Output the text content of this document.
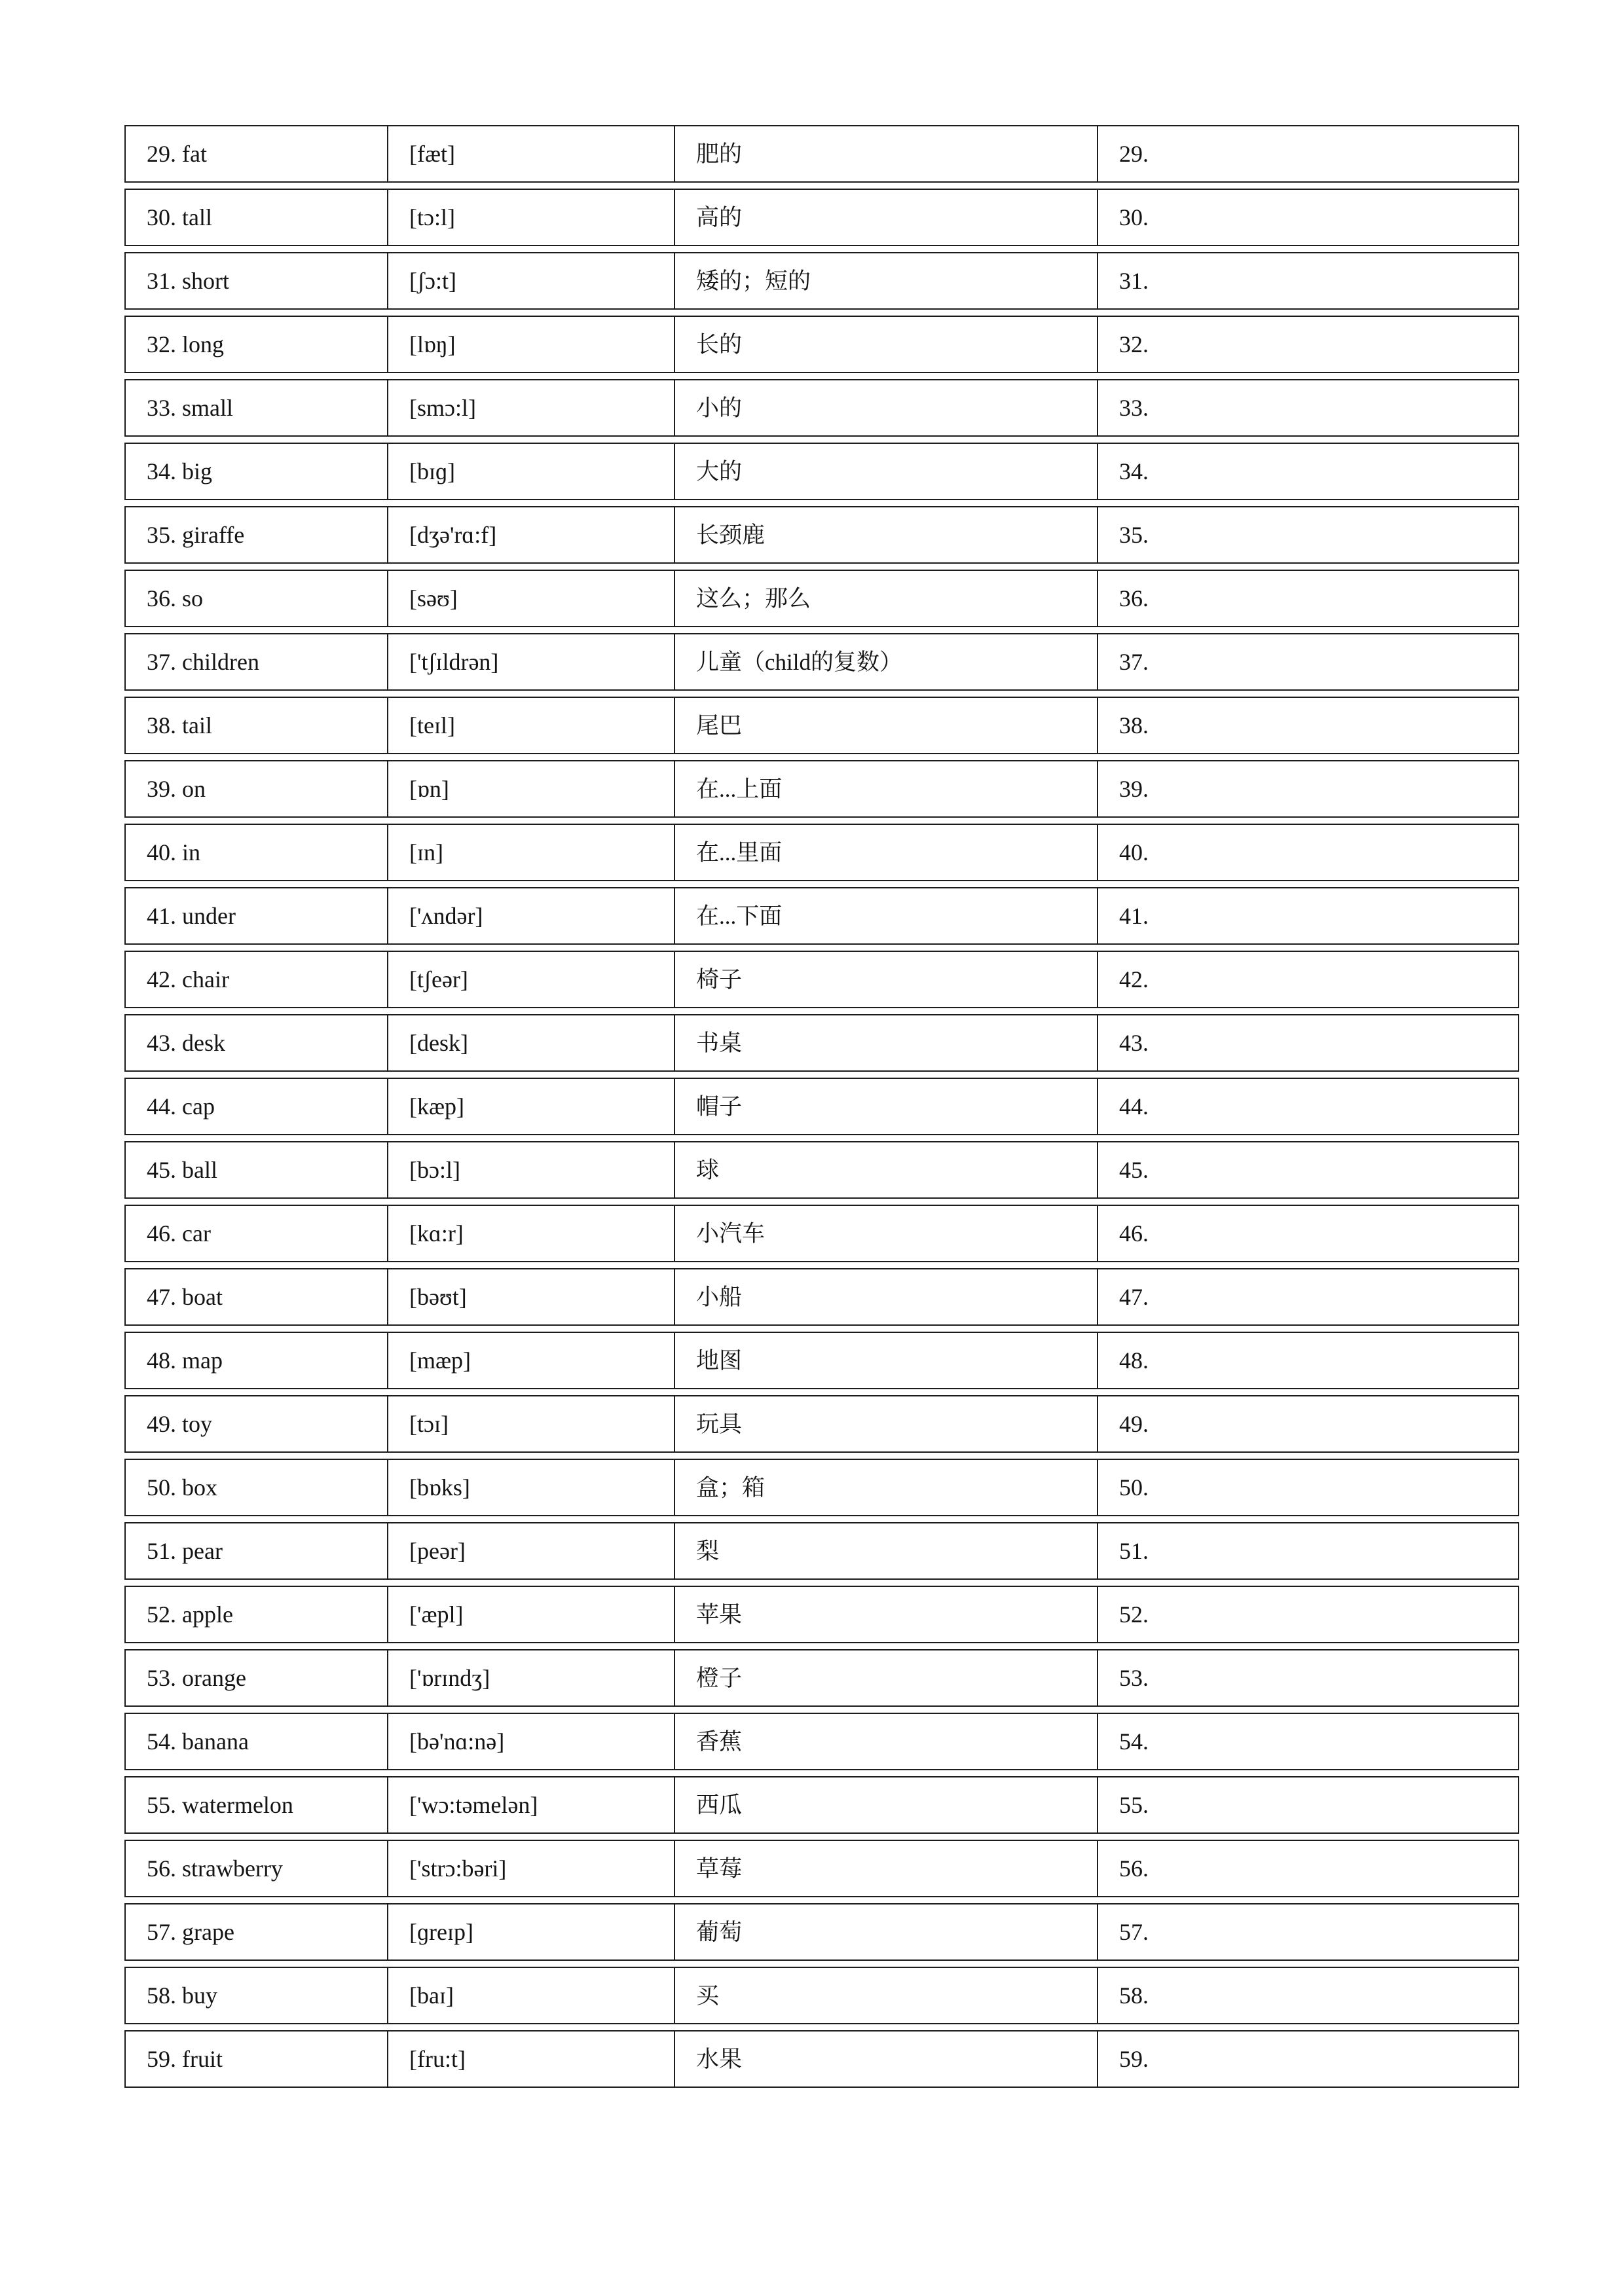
29. fat	[fæt]	肥的	29.
30. tall	[tɔ:l]	高的	30.
31. short	[ʃɔ:t]	矮的；短的	31.
32. long	[lɒŋ]	长的	32.
33. small	[smɔ:l]	小的	33.
34. big	[bɪɡ]	大的	34.
35. giraffe	[dʒə'rɑ:f]	长颈鹿	35.
36. so	[səʊ]	这么；那么	36.
37. children	['tʃɪldrən]	儿童（child的复数）	37.
38. tail	[teɪl]	尾巴	38.
39. on	[ɒn]	在...上面	39.
40. in	[ɪn]	在...里面	40.
41. under	['ʌndər]	在...下面	41.
42. chair	[tʃeər]	椅子	42.
43. desk	[desk]	书桌	43.
44. cap	[kæp]	帽子	44.
45. ball	[bɔ:l]	球	45.
46. car	[kɑ:r]	小汽车	46.
47. boat	[bəʊt]	小船	47.
48. map	[mæp]	地图	48.
49. toy	[tɔɪ]	玩具	49.
50. box	[bɒks]	盒；箱	50.
51. pear	[peər]	梨	51.
52. apple	['æpl]	苹果	52.
53. orange	['ɒrɪndʒ]	橙子	53.
54. banana	[bə'nɑ:nə]	香蕉	54.
55. watermelon	['wɔ:təmelən]	西瓜	55.
56. strawberry	['strɔ:bəri]	草莓	56.
57. grape	[ɡreɪp]	葡萄	57.
58. buy	[baɪ]	买	58.
59. fruit	[fru:t]	水果	59.
